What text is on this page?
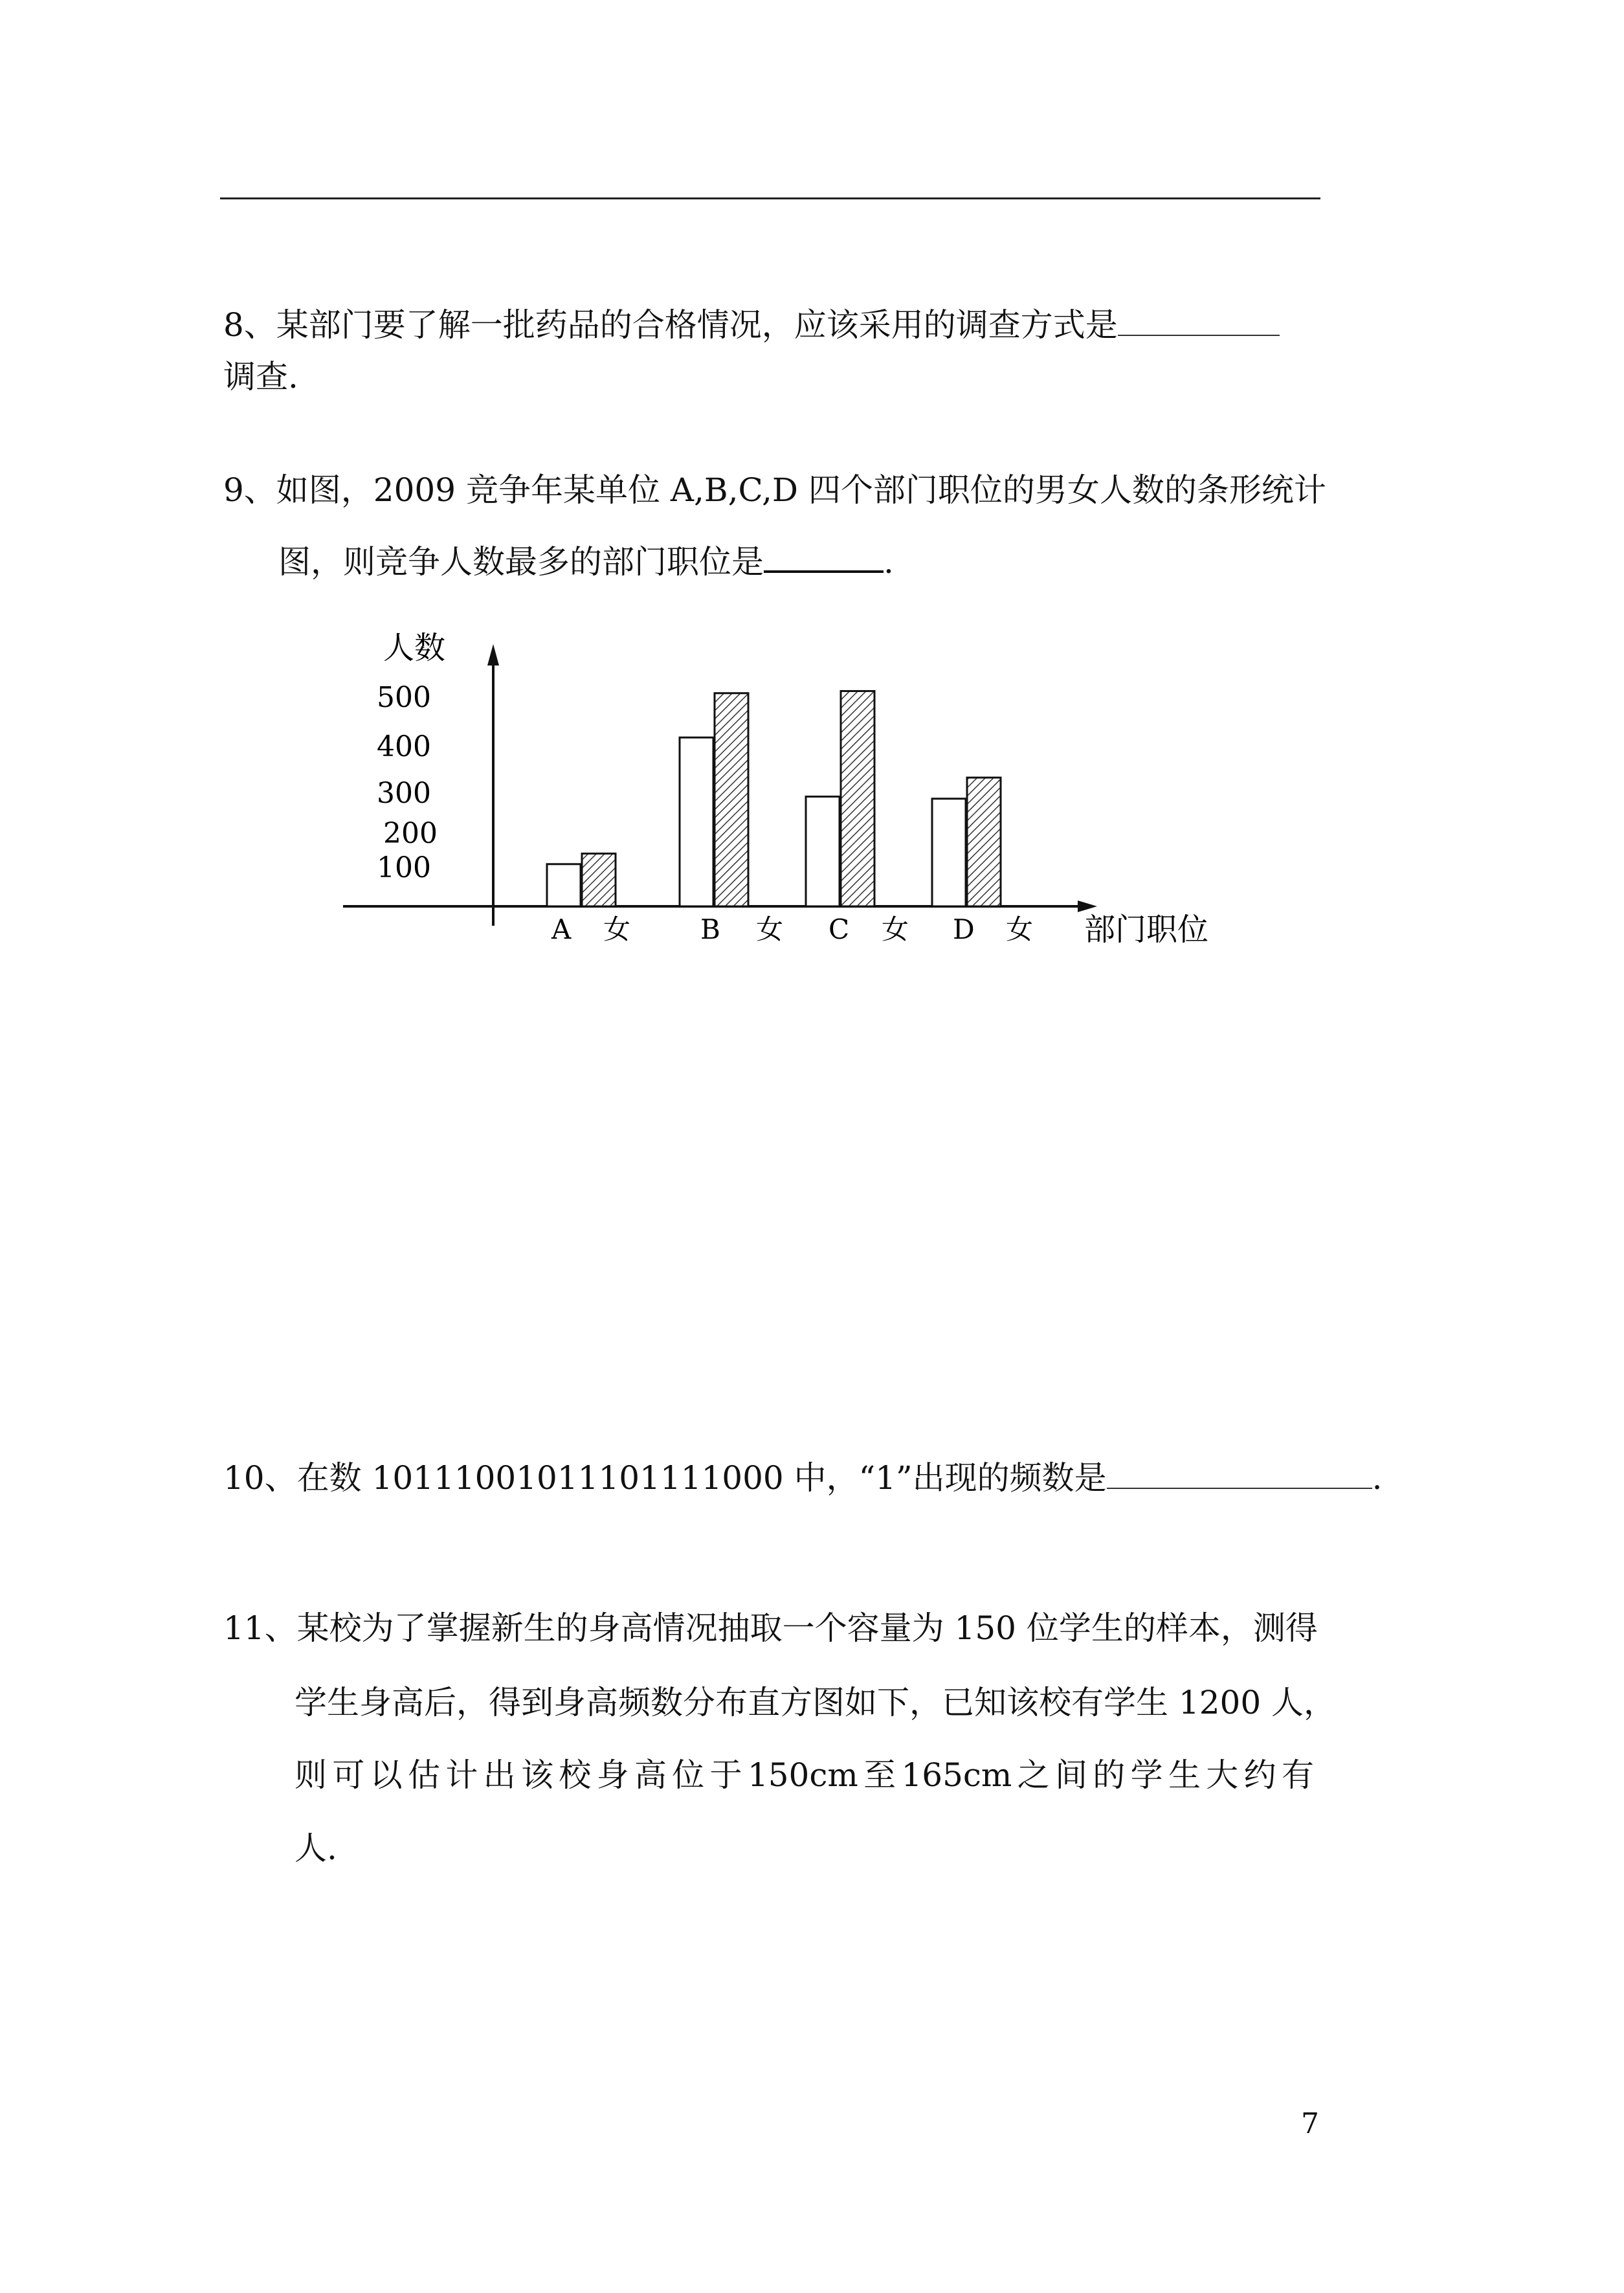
8、某部门要了解一批药品的合格情况，应该采用的调查方式是
调查.
9、如图，2009 竞争年某单位 A,B,C,D 四个部门职位的男女人数的条形统计
图，则竞争人数最多的部门职位是	.
人数
500
400
300
200
100
A 女	B 女 C 女 D 女 部门职位
10、在数 10111001011101111000 中，“1”出现的频数是	.
11、某校为了掌握新生的身高情况抽取一个容量为 150 位学生的样本，测得
学生身高后，得到身高频数分布直方图如下，已知该校有学生 1200 人，
则 可 以 估 计 出 该 校 身 高 位 于 150cm 至 165cm 之 间 的 学 生 大 约 有
人.
7
